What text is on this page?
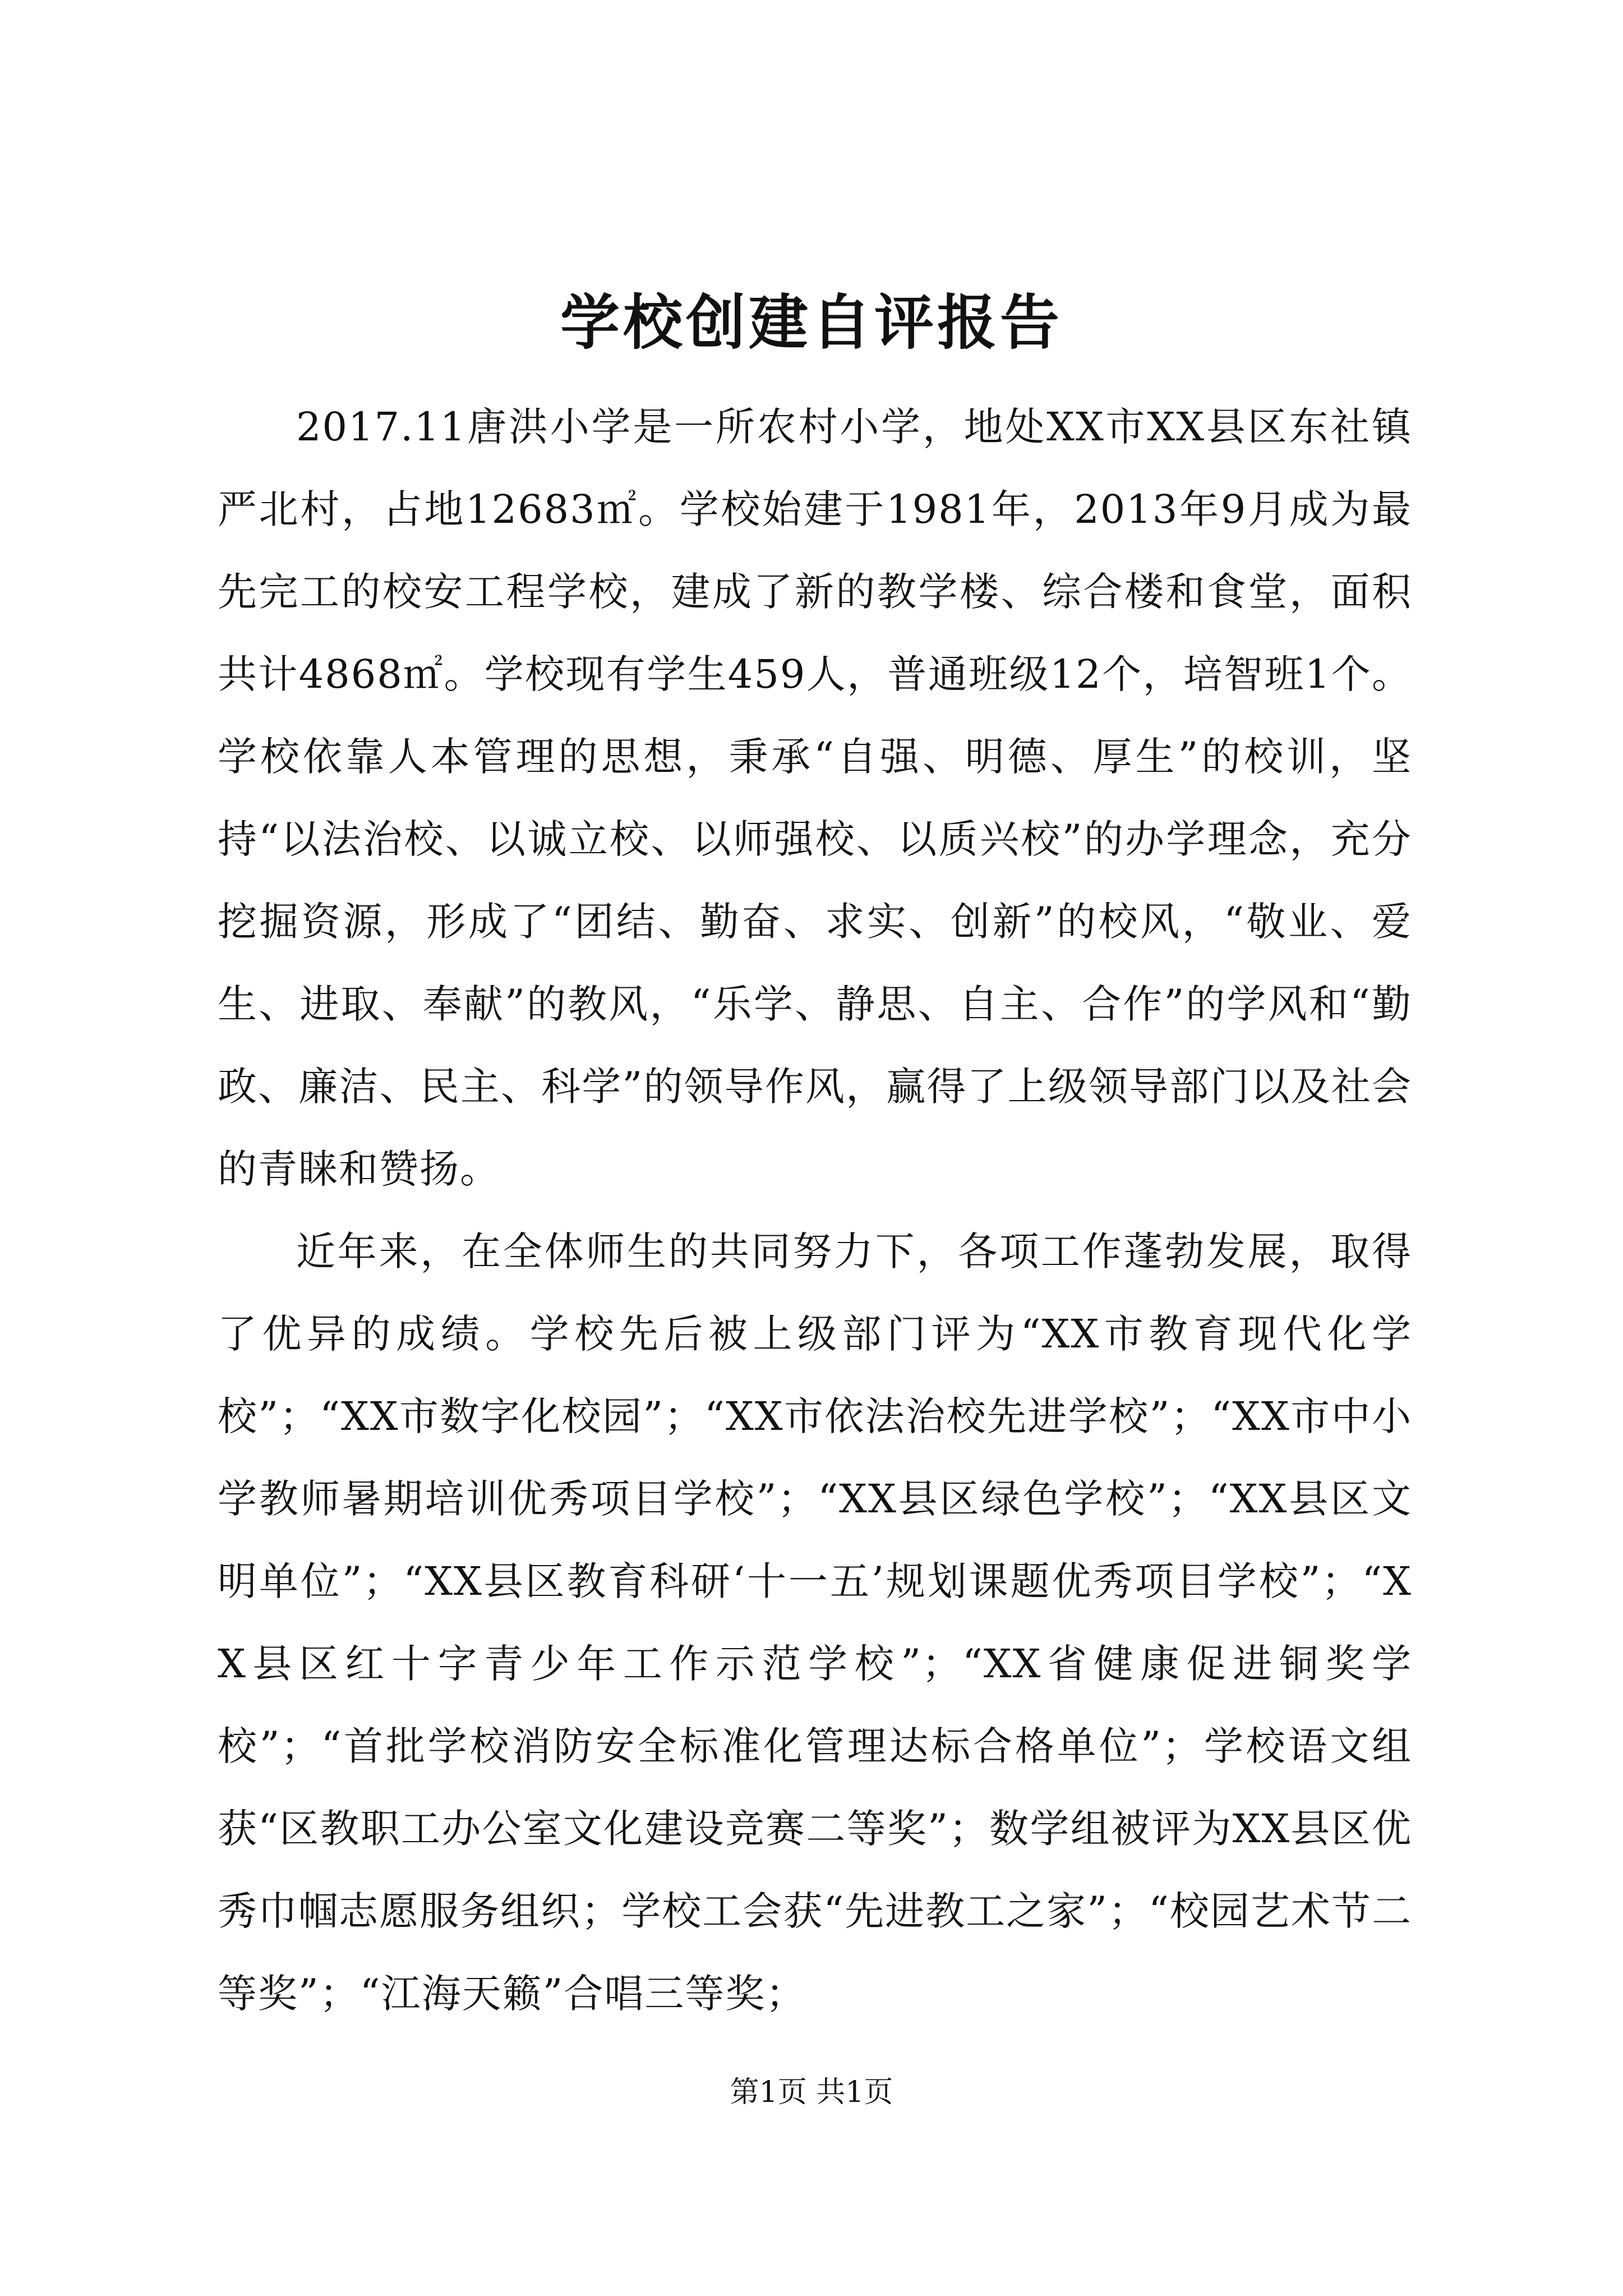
学校创建自评报告

2017.11唐洪小学是一所农村小学，地处XX市XX县区东社镇严北村，占地12683㎡。学校始建于1981年，2013年9月成为最先完工的校安工程学校，建成了新的教学楼、综合楼和食堂，面积共计4868㎡。学校现有学生459人，普通班级12个，培智班1个。学校依靠人本管理的思想，秉承“自强、明德、厚生”的校训，坚持“以法治校、以诚立校、以师强校、以质兴校”的办学理念，充分挖掘资源，形成了“团结、勤奋、求实、创新”的校风，“敬业、爱生、进取、奉献”的教风，“乐学、静思、自主、合作”的学风和“勤政、廉洁、民主、科学”的领导作风，赢得了上级领导部门以及社会的青睐和赞扬。

近年来，在全体师生的共同努力下，各项工作蓬勃发展，取得了优异的成绩。学校先后被上级部门评为“XX市教育现代化学校”；“XX市数字化校园”；“XX市依法治校先进学校”；“XX市中小学教师暑期培训优秀项目学校”；“XX县区绿色学校”；“XX县区文明单位”；“XX县区教育科研‘十一五’规划课题优秀项目学校”；“XX县区红十字青少年工作示范学校”；“XX省健康促进铜奖学校”；“首批学校消防安全标准化管理达标合格单位”；学校语文组获“区教职工办公室文化建设竞赛二等奖”；数学组被评为XX县区优秀巾帼志愿服务组织；学校工会获“先进教工之家”；“校园艺术节二等奖”；“江海天籁”合唱三等奖；

第1页 共1页
